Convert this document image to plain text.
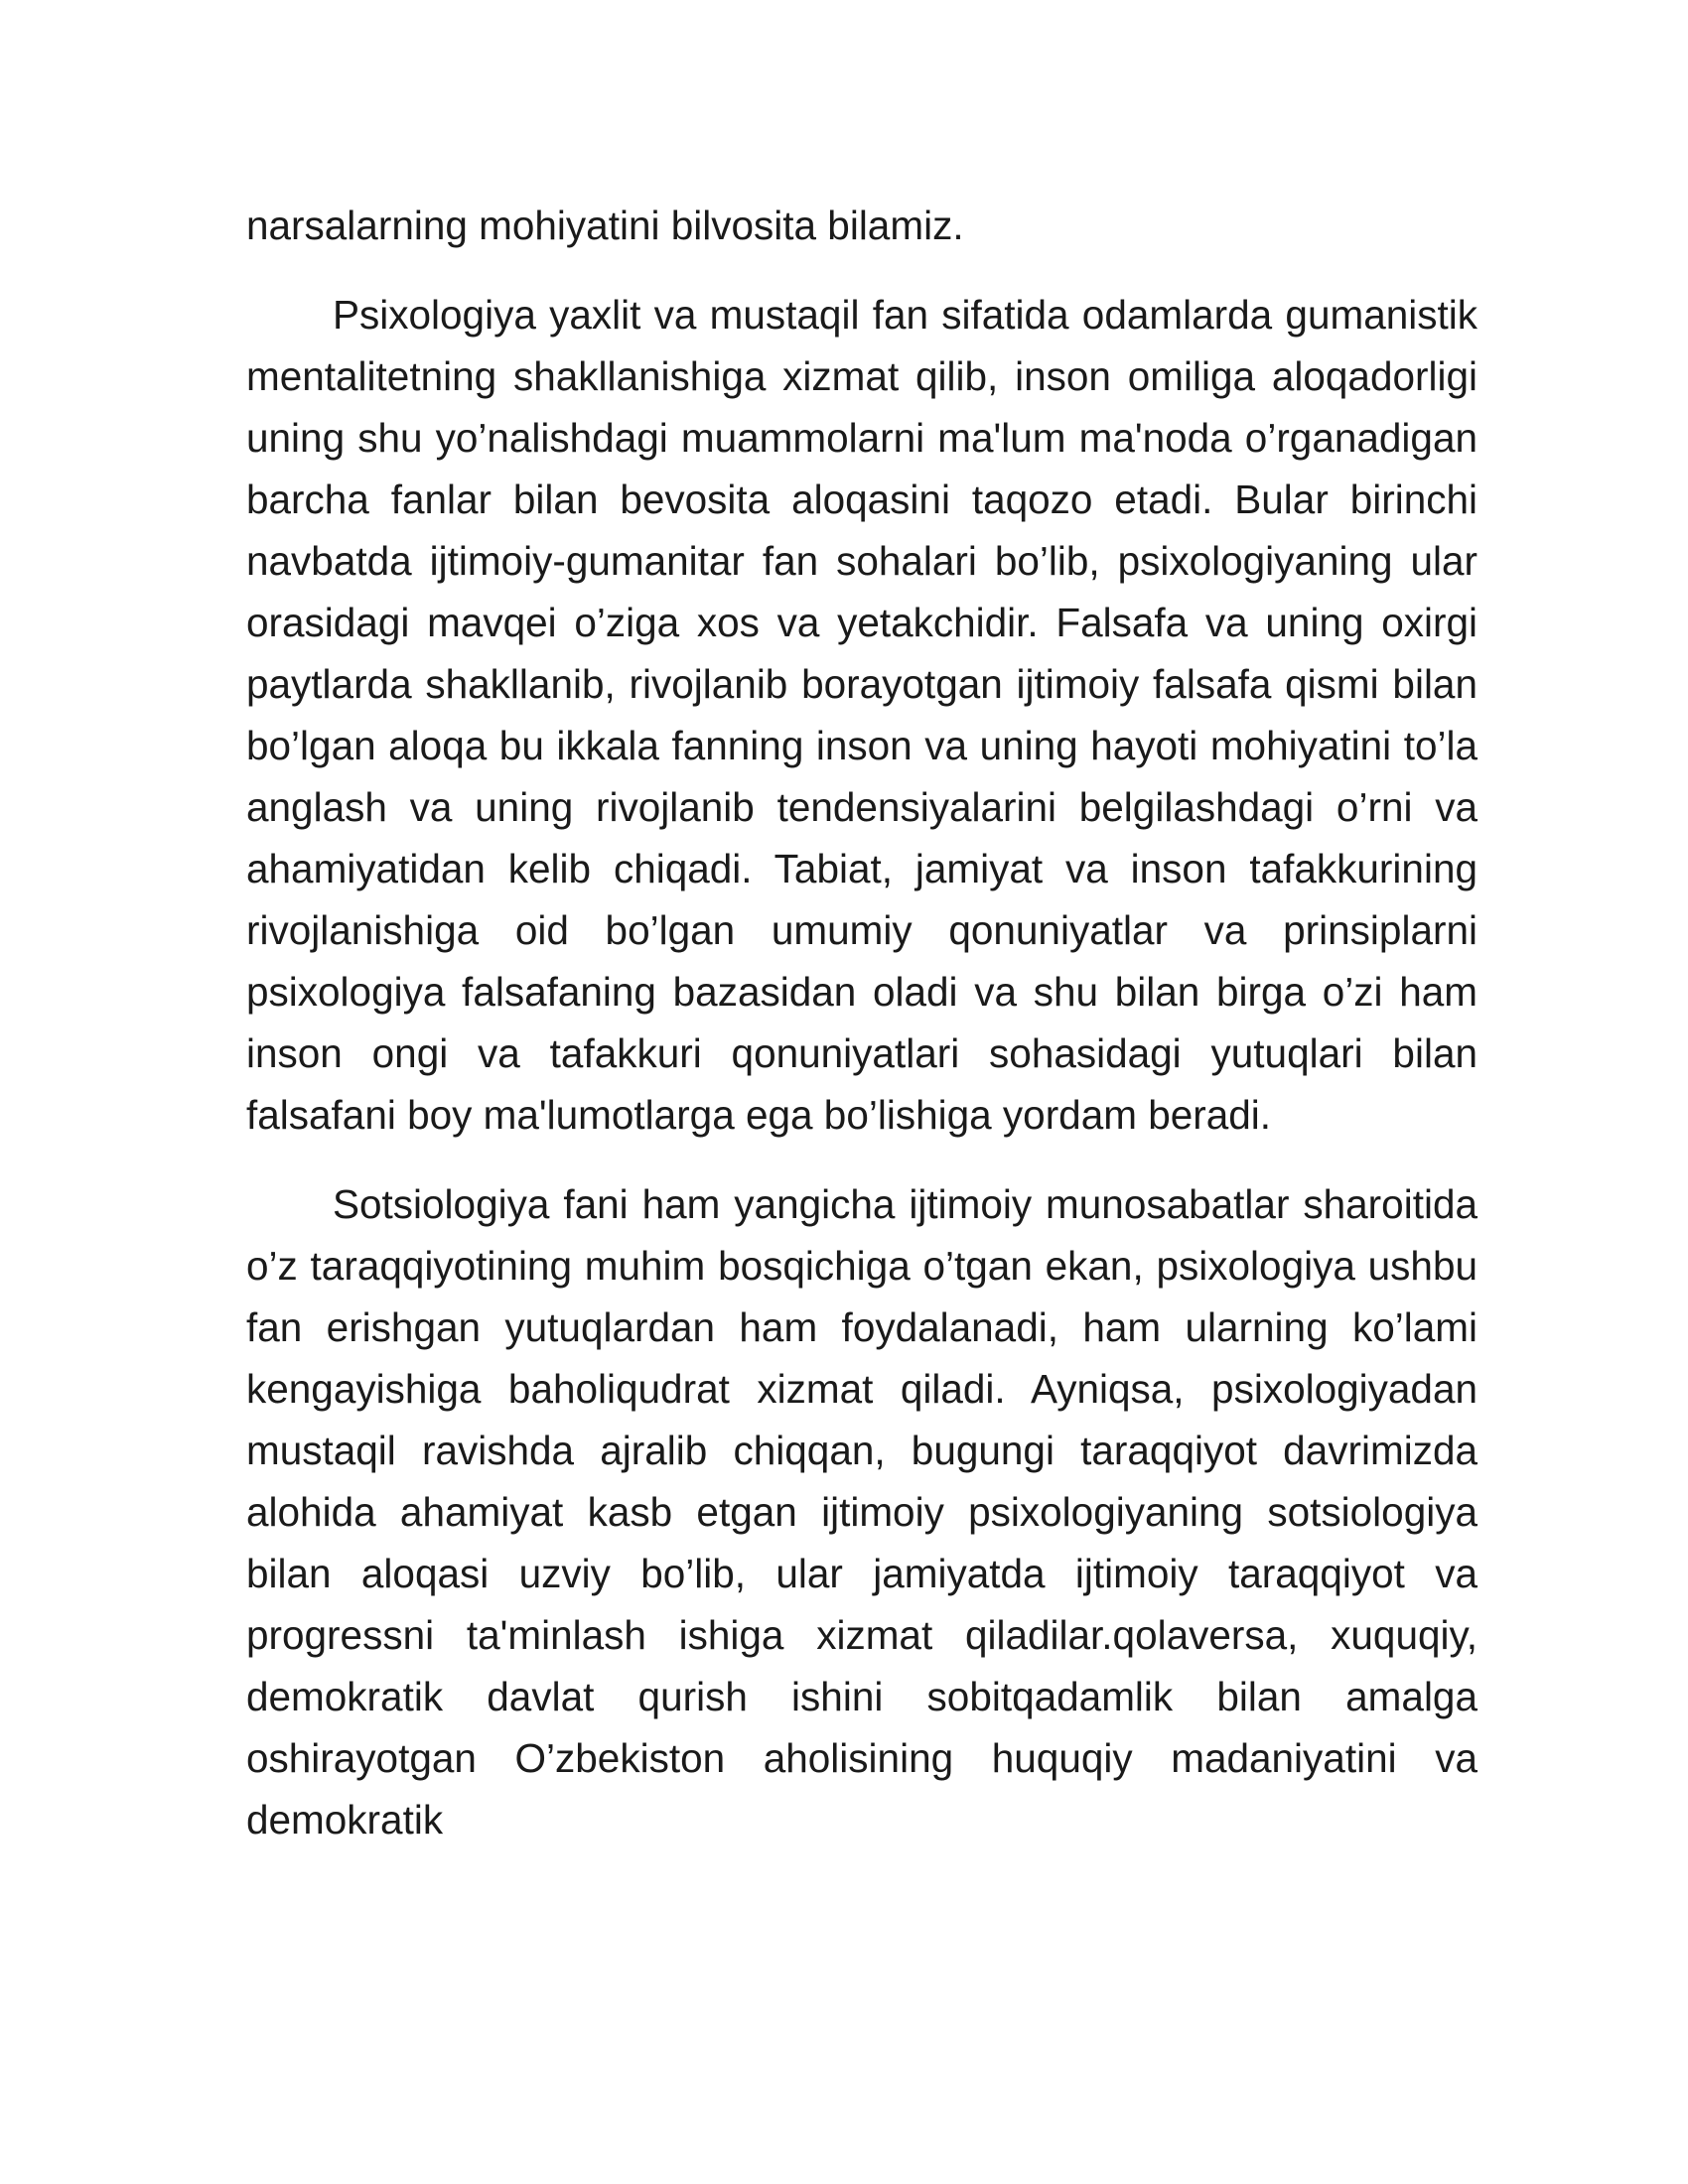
narsalarning mohiyatini bilvosita bilamiz.

Psixologiya yaxlit va mustaqil fan sifatida odamlarda gumanistik mentalitetning shakllanishiga xizmat qilib, inson omiliga aloqadorligi uning shu yo’nalishdagi muammolarni ma'lum ma'noda o’rganadigan barcha fanlar bilan bevosita aloqasini taqozo etadi. Bular birinchi navbatda ijtimoiy-gumanitar fan sohalari bo’lib, psixologiyaning ular orasidagi mavqei o’ziga xos va yetakchidir. Falsafa va uning oxirgi paytlarda shakllanib, rivojlanib borayotgan ijtimoiy falsafa qismi bilan bo’lgan aloqa bu ikkala fanning inson va uning hayoti mohiyatini to’la anglash va uning rivojlanib tendensiyalarini belgilashdagi o’rni va ahamiyatidan kelib chiqadi. Tabiat, jamiyat va inson tafakkurining rivojlanishiga oid bo’lgan umumiy qonuniyatlar va prinsiplarni psixologiya falsafaning bazasidan oladi va shu bilan birga o’zi ham inson ongi va tafakkuri qonuniyatlari sohasidagi yutuqlari bilan falsafani boy ma'lumotlarga ega bo’lishiga yordam beradi.

Sotsiologiya fani ham yangicha ijtimoiy munosabatlar sharoitida o’z taraqqiyotining muhim bosqichiga o’tgan ekan, psixologiya ushbu fan erishgan yutuqlardan ham foydalanadi, ham ularning ko’lami kengayishiga baholiqudrat xizmat qiladi. Ayniqsa, psixologiyadan mustaqil ravishda ajralib chiqqan, bugungi taraqqiyot davrimizda alohida ahamiyat kasb etgan ijtimoiy psixologiyaning sotsiologiya bilan aloqasi uzviy bo’lib, ular jamiyatda ijtimoiy taraqqiyot va progressni ta'minlash ishiga xizmat qiladilar.qolaversa, xuquqiy, demokratik davlat qurish ishini sobitqadamlik bilan amalga oshirayotgan O’zbekiston aholisining huquqiy madaniyatini va demokratik
